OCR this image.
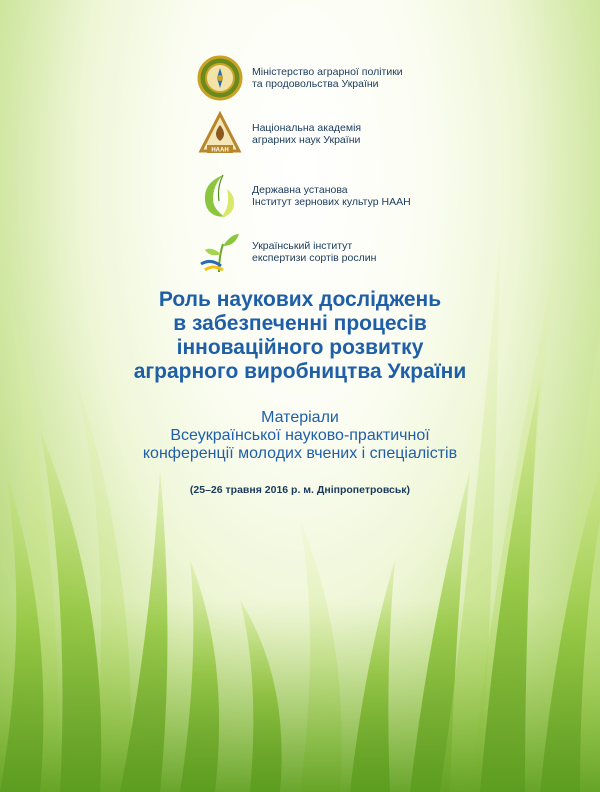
Міністерство аграрної політики
та продовольства України
НААН
Національна академія
аграрних наук України
Державна установа
Інститут зернових культур НААН
Український інститут
експертизи сортів рослин
Роль наукових досліджень
в забезпеченні процесів
інноваційного розвитку
аграрного виробництва України
Матеріали
Всеукраїнської науково-практичної
конференції молодих вчених і спеціалістів
(25–26 травня 2016 р. м. Дніпропетровськ)
